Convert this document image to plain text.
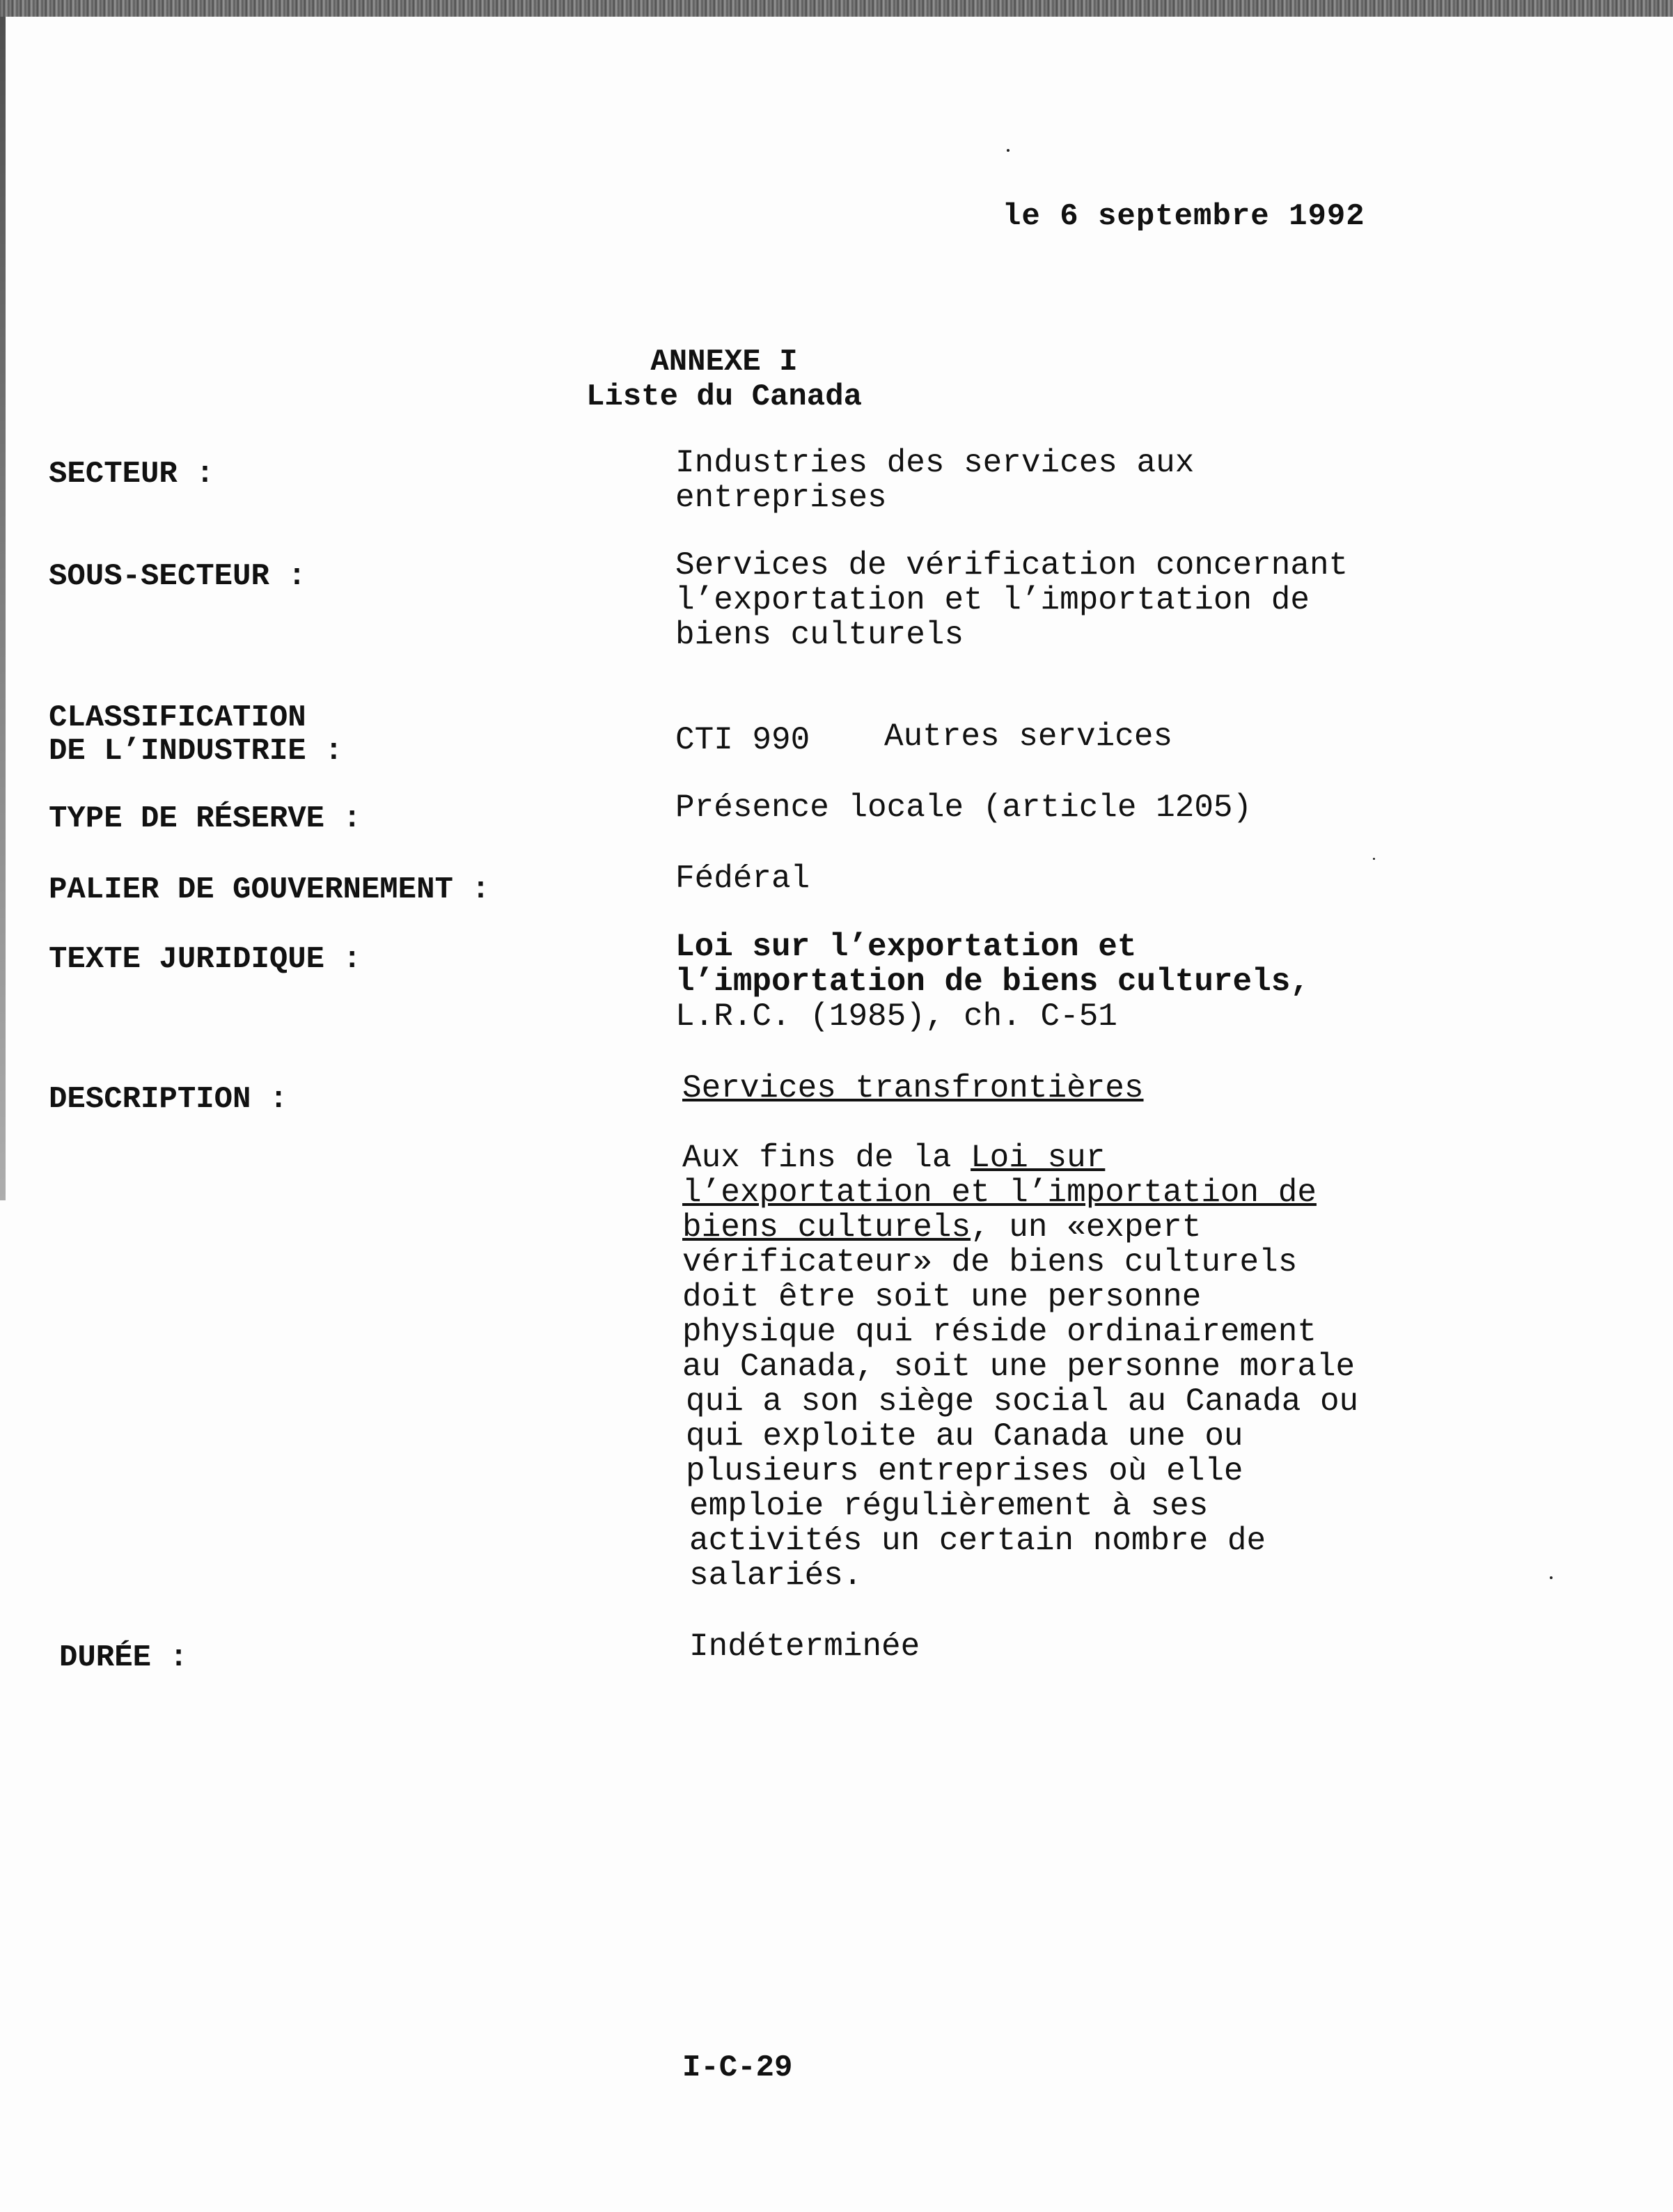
le 6 septembre 1992
ANNEXE I
Liste du Canada
SECTEUR :	Industries des services aux
entreprises
SOUS-SECTEUR :	Services de vérification concernant
l’exportation et l’importation de
biens culturels
CLASSIFICATION
DE L’INDUSTRIE :	CTI 990 Autres services
TYPE DE RÉSERVE :	Présence locale (article 1205)
PALIER DE GOUVERNEMENT :	Fédéral
TEXTE JURIDIQUE :	Loi sur l’exportation et
l’importation de biens culturels,
L.R.C. (1985), ch. C-51
DESCRIPTION :	Services transfrontières
Aux fins de la Loi sur
l’exportation et l’importation de
biens culturels, un «expert
vérificateur» de biens culturels
doit être soit une personne
physique qui réside ordinairement
au Canada, soit une personne morale
qui a son siège social au Canada ou
qui exploite au Canada une ou
plusieurs entreprises où elle
emploie régulièrement à ses
activités un certain nombre de
salariés.
DURÉE :	Indéterminée
I-C-29
